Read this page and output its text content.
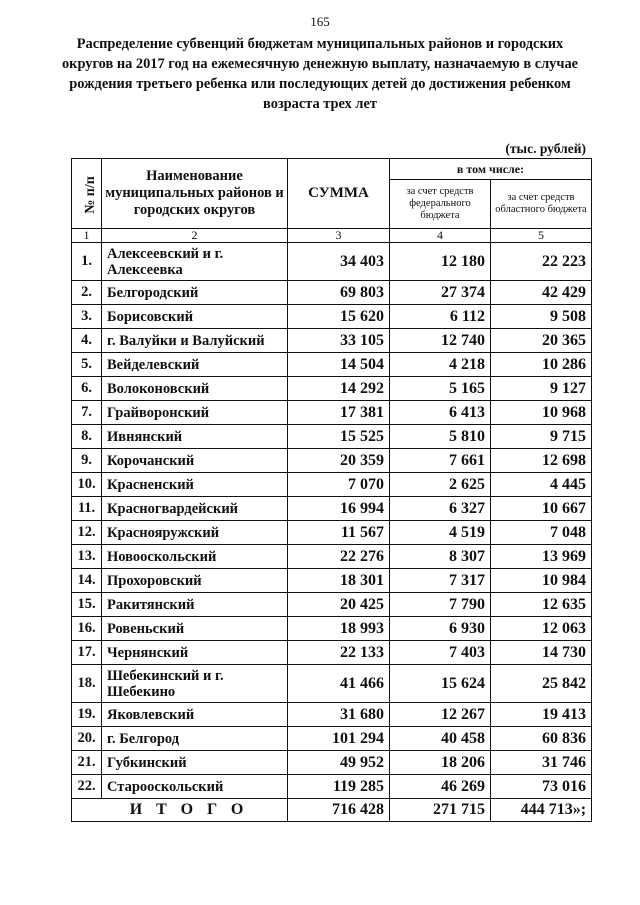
165
Распределение субвенций бюджетам муниципальных районов и городских округов на 2017 год на ежемесячную денежную выплату, назначаемую в случае рождения третьего ребенка или последующих детей до достижения ребенком возраста трех лет
(тыс. рублей)
№ п/п	Наименование муниципальных районов и городских округов	СУММА	в том числе:	
			за счет средств федерального бюджета	за счет средств областного бюджета
1	2	3	4	5
1.	Алексеевский и г. Алексеевка	34 403	12 180	22 223
2.	Белгородский	69 803	27 374	42 429
3.	Борисовский	15 620	6 112	9 508
4.	г. Валуйки и Валуйский	33 105	12 740	20 365
5.	Вейделевский	14 504	4 218	10 286
6.	Волоконовский	14 292	5 165	9 127
7.	Грайворонский	17 381	6 413	10 968
8.	Ивнянский	15 525	5 810	9 715
9.	Корочанский	20 359	7 661	12 698
10.	Красненский	7 070	2 625	4 445
11.	Красногвардейский	16 994	6 327	10 667
12.	Краснояружский	11 567	4 519	7 048
13.	Новооскольский	22 276	8 307	13 969
14.	Прохоровский	18 301	7 317	10 984
15.	Ракитянский	20 425	7 790	12 635
16.	Ровеньский	18 993	6 930	12 063
17.	Чернянский	22 133	7 403	14 730
18.	Шебекинский и г. Шебекино	41 466	15 624	25 842
19.	Яковлевский	31 680	12 267	19 413
20.	г. Белгород	101 294	40 458	60 836
21.	Губкинский	49 952	18 206	31 746
22.	Старооскольский	119 285	46 269	73 016
ИТОГО		716 428	271 715	444 713»;
